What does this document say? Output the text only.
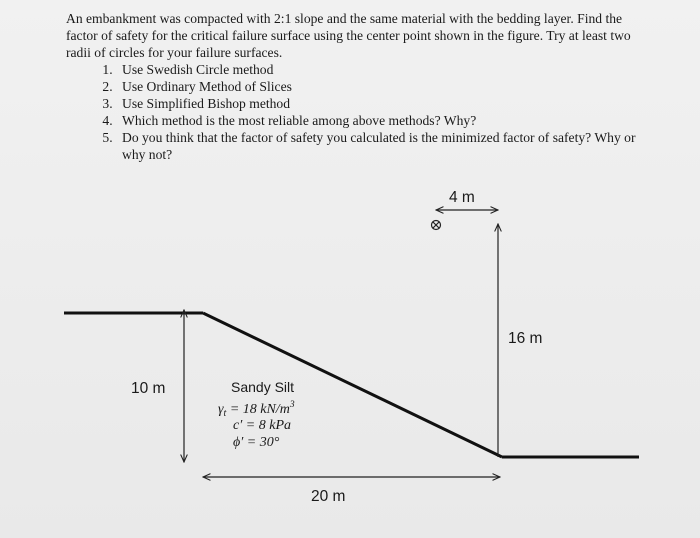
An embankment was compacted with 2:1 slope and the same material with the bedding layer. Find the factor of safety for the critical failure surface using the center point shown in the figure. Try at least two radii of circles for your failure surfaces.

1. Use Swedish Circle method
2. Use Ordinary Method of Slices
3. Use Simplified Bishop method
4. Which method is the most reliable among above methods? Why?
5. Do you think that the factor of safety you calculated is the minimized factor of safety? Why or why not?
10 m
20 m
16 m
4 m
Sandy Silt
$\gamma_t = 18$ $kN/m^3$
c′ = 8 kPa
ϕ′ = 30°
